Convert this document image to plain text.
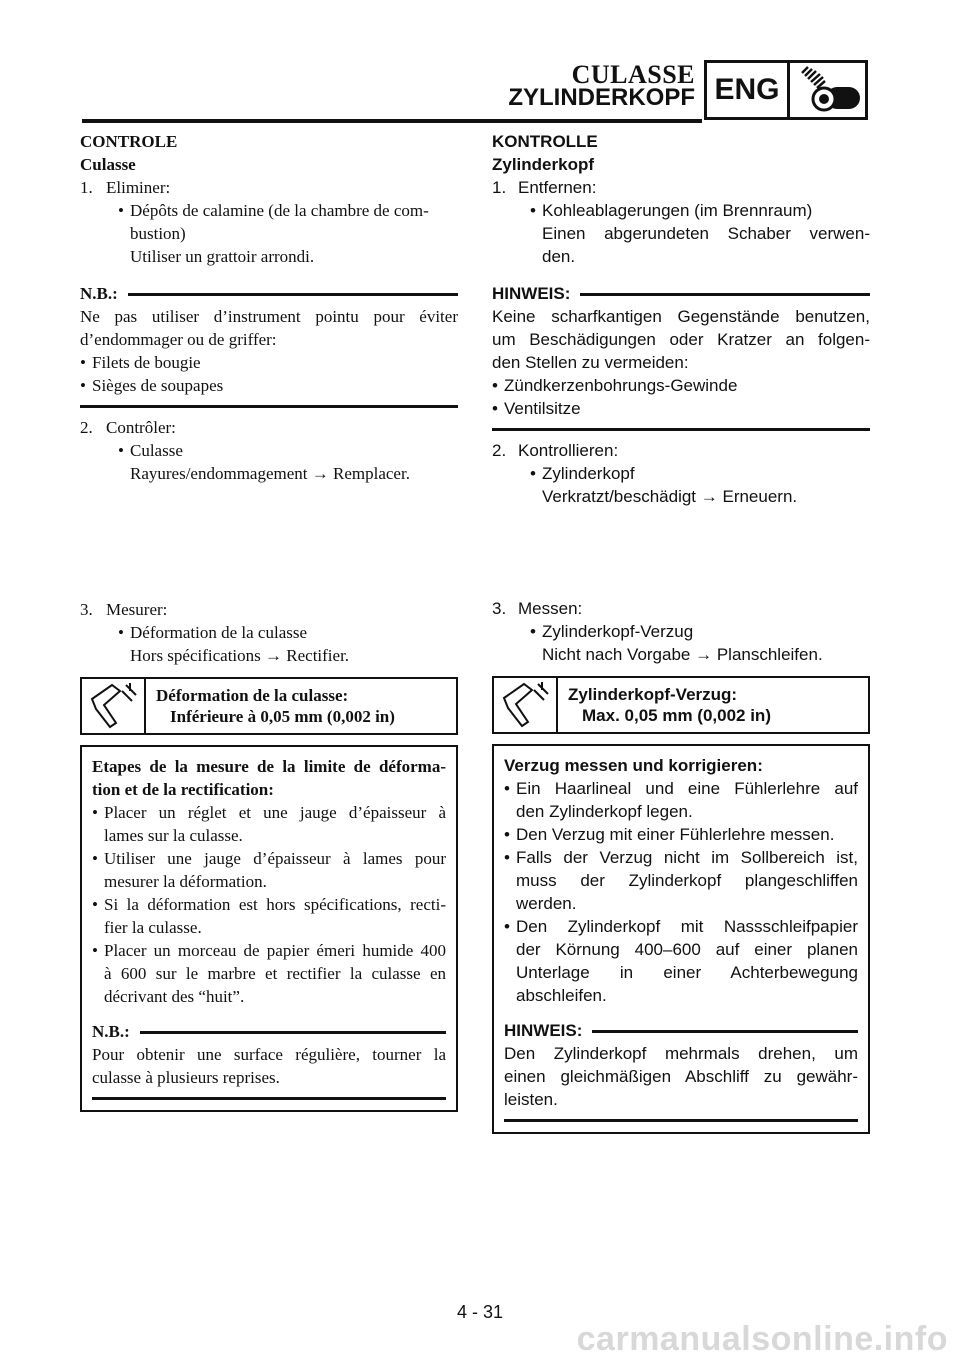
CULASSE
ZYLINDERKOPF ENG
CONTROLE
Culasse
1. Eliminer:
• Dépôts de calamine (de la chambre de com-
bustion)
Utiliser un grattoir arrondi.
N.B.:
Ne pas utiliser d’instrument pointu pour éviter
d’endommager ou de griffer:
• Filets de bougie
• Sièges de soupapes
2. Contrôler:
• Culasse
Rayures/endommagement → Remplacer.
3. Mesurer:
• Déformation de la culasse
Hors spécifications → Rectifier.
Déformation de la culasse:
Inférieure à 0,05 mm (0,002 in)
Etapes de la mesure de la limite de déforma-
tion et de la rectification:
• Placer un réglet et une jauge d’épaisseur à
lames sur la culasse.
• Utiliser une jauge d’épaisseur à lames pour
mesurer la déformation.
• Si la déformation est hors spécifications, recti-
fier la culasse.
• Placer un morceau de papier émeri humide 400
à 600 sur le marbre et rectifier la culasse en
décrivant des “huit”.
N.B.:
Pour obtenir une surface régulière, tourner la
culasse à plusieurs reprises.
KONTROLLE
Zylinderkopf
1. Entfernen:
• Kohleablagerungen (im Brennraum)
Einen abgerundeten Schaber verwen-
den.
HINWEIS:
Keine scharfkantigen Gegenstände benutzen,
um Beschädigungen oder Kratzer an folgen-
den Stellen zu vermeiden:
• Zündkerzenbohrungs-Gewinde
• Ventilsitze
2. Kontrollieren:
• Zylinderkopf
Verkratzt/beschädigt → Erneuern.
3. Messen:
• Zylinderkopf-Verzug
Nicht nach Vorgabe → Planschleifen.
Zylinderkopf-Verzug:
Max. 0,05 mm (0,002 in)
Verzug messen und korrigieren:
• Ein Haarlineal und eine Fühlerlehre auf
den Zylinderkopf legen.
• Den Verzug mit einer Fühlerlehre messen.
• Falls der Verzug nicht im Sollbereich ist,
muss der Zylinderkopf plangeschliffen
werden.
• Den Zylinderkopf mit Nassschleifpapier
der Körnung 400–600 auf einer planen
Unterlage in einer Achterbewegung
abschleifen.
HINWEIS:
Den Zylinderkopf mehrmals drehen, um
einen gleichmäßigen Abschliff zu gewähr-
leisten.
4 - 31
carmanualsonline.info
